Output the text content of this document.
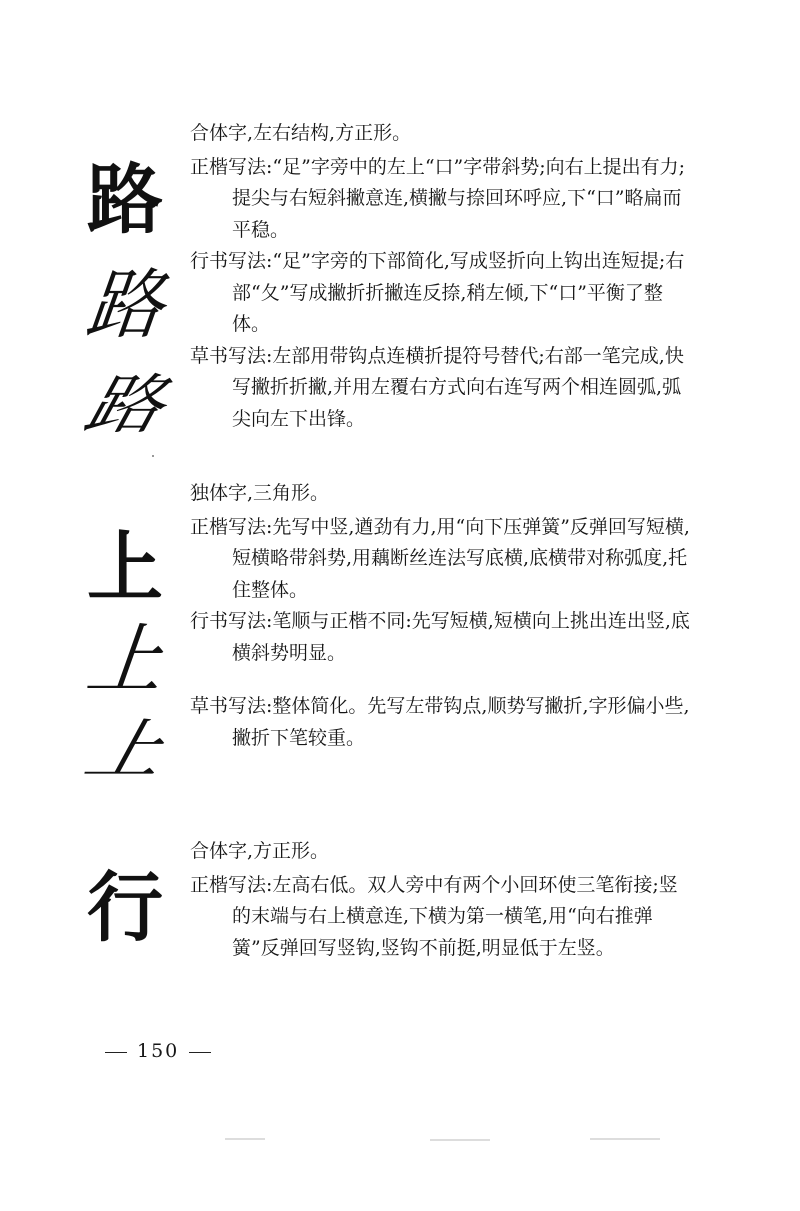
路
路
路
上
上
上
行

合体字,左右结构,方正形。

正楷写法:“足”字旁中的左上“口”字带斜势;向右上提出有力;提尖与右短斜撇意连,横撇与捺回环呼应,下“口”略扁而平稳。

行书写法:“足”字旁的下部简化,写成竖折向上钩出连短提;右部“夂”写成撇折折撇连反捺,稍左倾,下“口”平衡了整体。

草书写法:左部用带钩点连横折提符号替代;右部一笔完成,快写撇折折撇,并用左覆右方式向右连写两个相连圆弧,弧尖向左下出锋。

独体字,三角形。

正楷写法:先写中竖,遒劲有力,用“向下压弹簧”反弹回写短横,短横略带斜势,用藕断丝连法写底横,底横带对称弧度,托住整体。

行书写法:笔顺与正楷不同:先写短横,短横向上挑出连出竖,底横斜势明显。

草书写法:整体简化。先写左带钩点,顺势写撇折,字形偏小些,撇折下笔较重。

合体字,方正形。

正楷写法:左高右低。双人旁中有两个小回环使三笔衔接;竖的末端与右上横意连,下横为第一横笔,用“向右推弹簧”反弹回写竖钩,竖钩不前挺,明显低于左竖。

150
